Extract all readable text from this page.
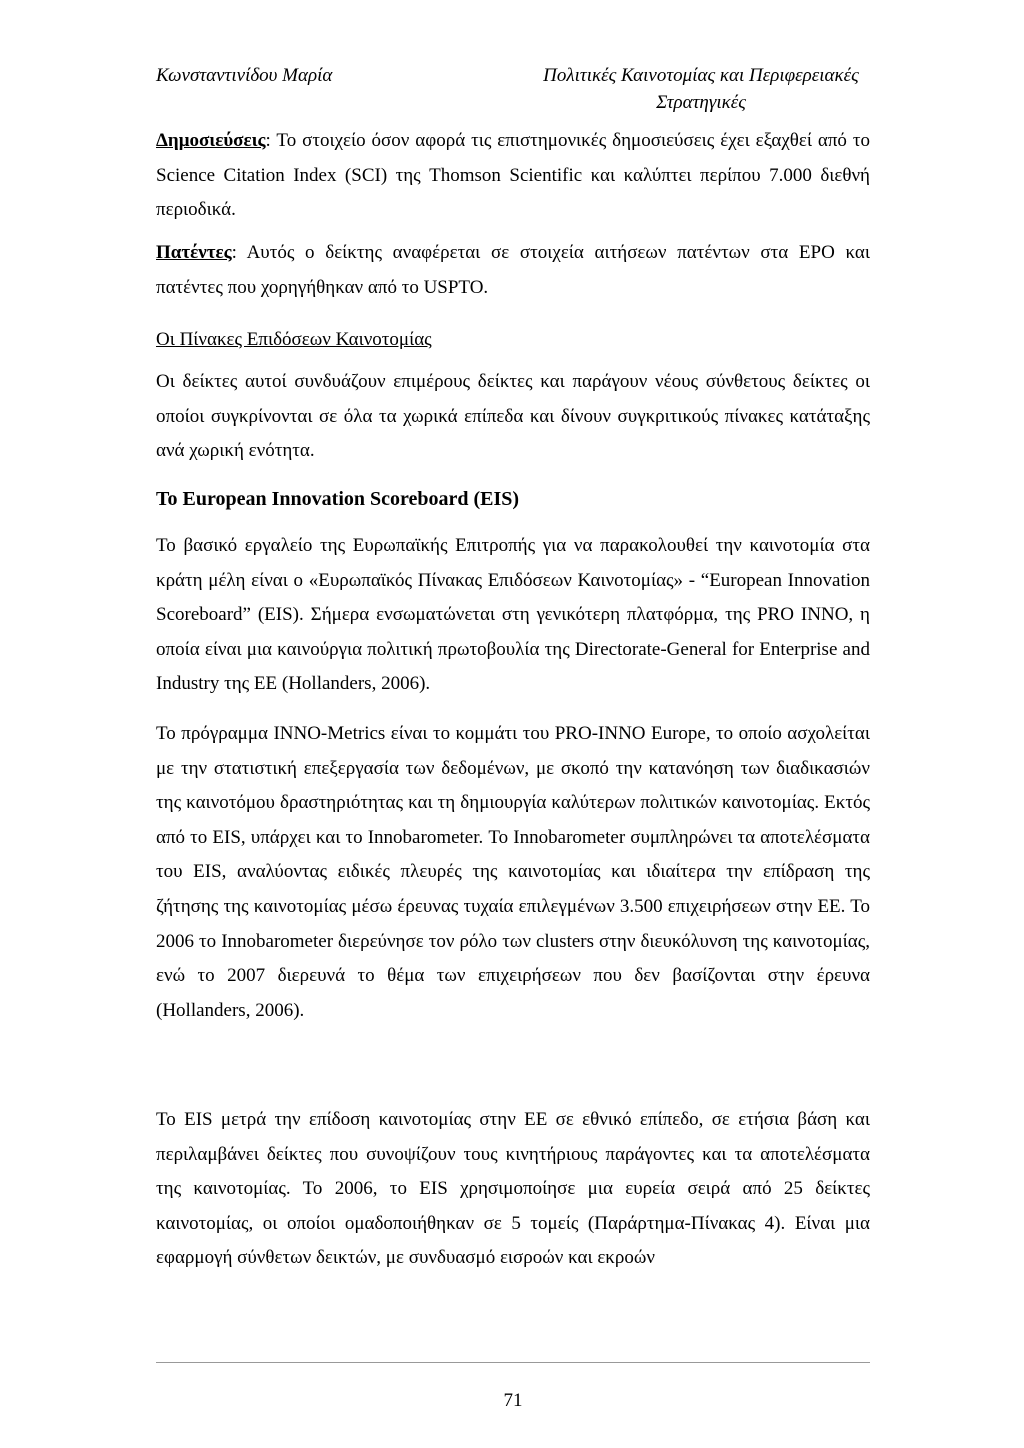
Κωνσταντινίδου Μαρία	Πολιτικές Καινοτομίας και Περιφερειακές Στρατηγικές

Δημοσιεύσεις: Το στοιχείο όσον αφορά τις επιστημονικές δημοσιεύσεις έχει εξαχθεί από το Science Citation Index (SCI) της Thomson Scientific και καλύπτει περίπου 7.000 διεθνή περιοδικά.

Πατέντες: Αυτός ο δείκτης αναφέρεται σε στοιχεία αιτήσεων πατέντων στα EPO και πατέντες που χορηγήθηκαν από το USPTO.

Οι Πίνακες Επιδόσεων Καινοτομίας

Οι δείκτες αυτοί συνδυάζουν επιμέρους δείκτες και παράγουν νέους σύνθετους δείκτες οι οποίοι συγκρίνονται σε όλα τα χωρικά επίπεδα και δίνουν συγκριτικούς πίνακες κατάταξης ανά χωρική ενότητα.

Το European Innovation Scoreboard (EIS)

Το βασικό εργαλείο της Ευρωπαϊκής Επιτροπής για να παρακολουθεί την καινοτομία στα κράτη μέλη είναι ο «Ευρωπαϊκός Πίνακας Επιδόσεων Καινοτομίας» - “European Innovation Scoreboard” (EIS). Σήμερα ενσωματώνεται στη γενικότερη πλατφόρμα, της PRO INNO, η οποία είναι μια καινούργια πολιτική πρωτοβουλία της Directorate-General for Enterprise and Industry της ΕΕ (Hollanders, 2006).

Το πρόγραμμα INNO-Metrics είναι το κομμάτι του PRO-INNO Europe, το οποίο ασχολείται με την στατιστική επεξεργασία των δεδομένων, με σκοπό την κατανόηση των διαδικασιών της καινοτόμου δραστηριότητας και τη δημιουργία καλύτερων πολιτικών καινοτομίας. Εκτός από το EIS, υπάρχει και το Innobarometer. Το Innobarometer συμπληρώνει τα αποτελέσματα του EIS, αναλύοντας ειδικές πλευρές της καινοτομίας και ιδιαίτερα την επίδραση της ζήτησης της καινοτομίας μέσω έρευνας τυχαία επιλεγμένων 3.500 επιχειρήσεων στην ΕΕ. Το 2006 το Innobarometer διερεύνησε τον ρόλο των clusters στην διευκόλυνση της καινοτομίας, ενώ το 2007 διερευνά το θέμα των επιχειρήσεων που δεν βασίζονται στην έρευνα (Hollanders, 2006).

Το EIS μετρά την επίδοση καινοτομίας στην ΕΕ σε εθνικό επίπεδο, σε ετήσια βάση και περιλαμβάνει δείκτες που συνοψίζουν τους κινητήριους παράγοντες και τα αποτελέσματα της καινοτομίας. Το 2006, το EIS χρησιμοποίησε μια ευρεία σειρά από 25 δείκτες καινοτομίας, οι οποίοι ομαδοποιήθηκαν σε 5 τομείς (Παράρτημα-Πίνακας 4). Είναι μια εφαρμογή σύνθετων δεικτών, με συνδυασμό εισροών και εκροών

71
